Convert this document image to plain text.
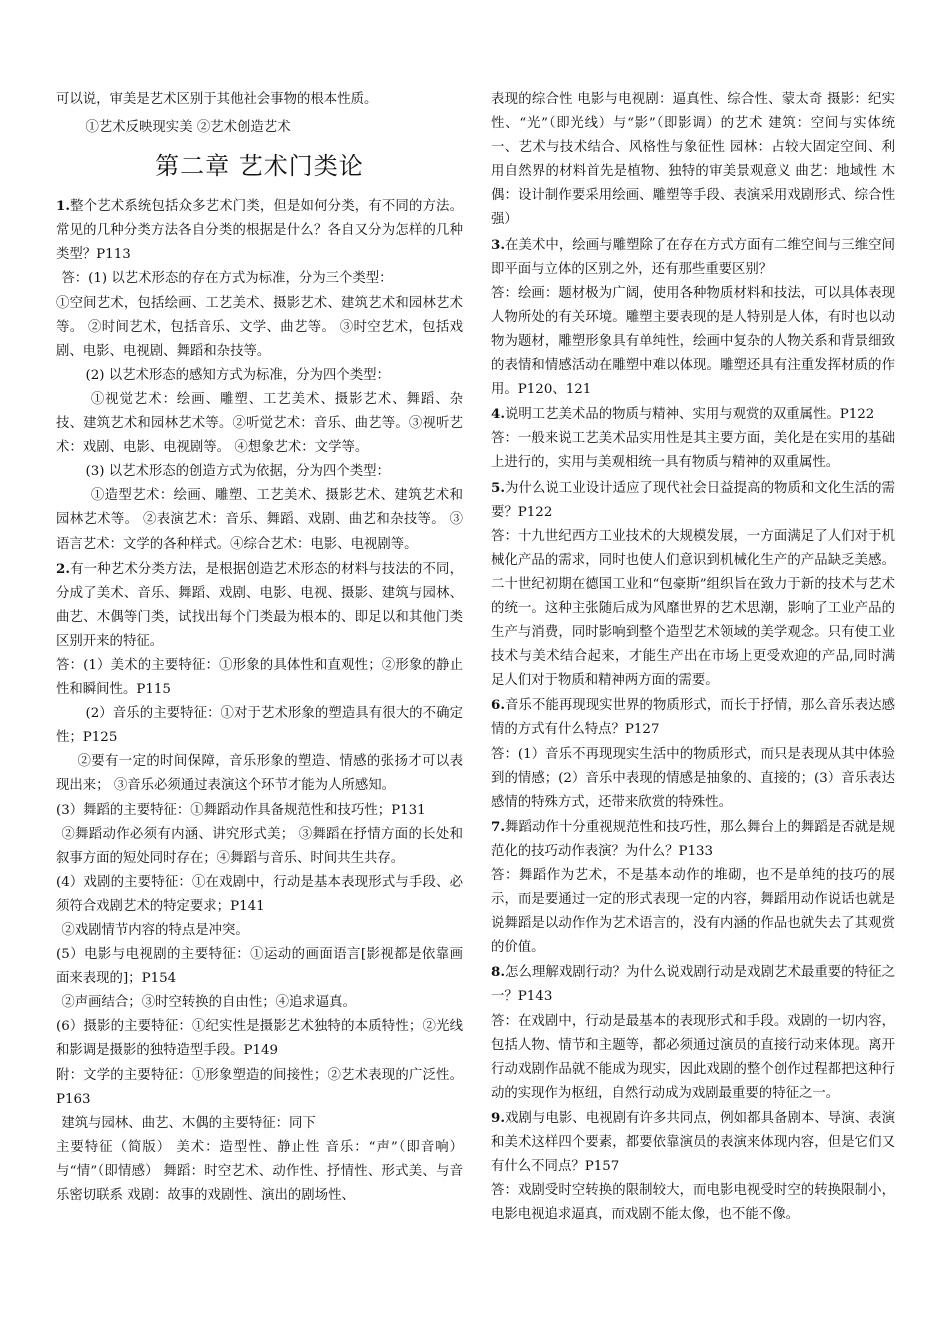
可以说，审美是艺术区别于其他社会事物的根本性质。

①艺术反映现实美 ②艺术创造艺术

第二章 艺术门类论

1.整个艺术系统包括众多艺术门类，但是如何分类，有不同的方法。常见的几种分类方法各自分类的根据是什么？各自又分为怎样的几种类型？P113

答：(1) 以艺术形态的存在方式为标准，分为三个类型：

①空间艺术，包括绘画、工艺美术、摄影艺术、建筑艺术和园林艺术等。 ②时间艺术，包括音乐、文学、曲艺等。 ③时空艺术，包括戏剧、电影、电视剧、舞蹈和杂技等。

(2) 以艺术形态的感知方式为标准，分为四个类型：

①视觉艺术：绘画、雕塑、工艺美术、摄影艺术、舞蹈、杂技、建筑艺术和园林艺术等。②听觉艺术：音乐、曲艺等。③视听艺术：戏剧、电影、电视剧等。 ④想象艺术：文学等。

(3) 以艺术形态的创造方式为依据，分为四个类型：

①造型艺术：绘画、雕塑、工艺美术、摄影艺术、建筑艺术和园林艺术等。 ②表演艺术：音乐、舞蹈、戏剧、曲艺和杂技等。 ③语言艺术：文学的各种样式。④综合艺术：电影、电视剧等。

2.有一种艺术分类方法，是根据创造艺术形态的材料与技法的不同，分成了美术、音乐、舞蹈、戏剧、电影、电视、摄影、建筑与园林、曲艺、木偶等门类，试找出每个门类最为根本的、即足以和其他门类区别开来的特征。

答：(1）美术的主要特征：①形象的具体性和直观性；②形象的静止性和瞬间性。P115

(2）音乐的主要特征：①对于艺术形象的塑造具有很大的不确定性；P125

②要有一定的时间保障，音乐形象的塑造、情感的张扬才可以表现出来； ③音乐必须通过表演这个环节才能为人所感知。

(3）舞蹈的主要特征：①舞蹈动作具备规范性和技巧性；P131

②舞蹈动作必须有内涵、讲究形式美； ③舞蹈在抒情方面的长处和叙事方面的短处同时存在；④舞蹈与音乐、时间共生共存。

(4）戏剧的主要特征：①在戏剧中，行动是基本表现形式与手段、必须符合戏剧艺术的特定要求；P141

②戏剧情节内容的特点是冲突。

(5）电影与电视剧的主要特征：①运动的画面语言[影视都是依靠画面来表现的]；P154

②声画结合；③时空转换的自由性；④追求逼真。

(6）摄影的主要特征：①纪实性是摄影艺术独特的本质特性；②光线和影调是摄影的独特造型手段。P149

附：文学的主要特征：①形象塑造的间接性；②艺术表现的广泛性。P163

建筑与园林、曲艺、木偶的主要特征：同下

主要特征（简版） 美术：造型性、静止性 音乐：“声”（即音响）与“情”（即情感） 舞蹈：时空艺术、动作性、抒情性、形式美、与音乐密切联系 戏剧：故事的戏剧性、演出的剧场性、

表现的综合性 电影与电视剧：逼真性、综合性、蒙太奇 摄影：纪实性、“光”（即光线）与“影”（即影调）的艺术 建筑：空间与实体统一、艺术与技术结合、风格性与象征性 园林：占较大固定空间、利用自然界的材料首先是植物、独特的审美景观意义 曲艺：地域性 木偶：设计制作要采用绘画、雕塑等手段、表演采用戏剧形式、综合性强）

3.在美术中，绘画与雕塑除了在存在方式方面有二维空间与三维空间即平面与立体的区别之外，还有那些重要区别？

答：绘画：题材极为广阔，使用各种物质材料和技法，可以具体表现人物所处的有关环境。雕塑主要表现的是人特别是人体，有时也以动物为题材，雕塑形象具有单纯性，绘画中复杂的人物关系和背景细致的表情和情感活动在雕塑中难以体现。雕塑还具有注重发挥材质的作用。P120、121

4.说明工艺美术品的物质与精神、实用与观赏的双重属性。P122

答：一般来说工艺美术品实用性是其主要方面，美化是在实用的基础上进行的，实用与美观相统一具有物质与精神的双重属性。

5.为什么说工业设计适应了现代社会日益提高的物质和文化生活的需要？P122

答：十九世纪西方工业技术的大规模发展，一方面满足了人们对于机械化产品的需求，同时也使人们意识到机械化生产的产品缺乏美感。二十世纪初期在德国工业和“包豪斯”组织旨在致力于新的技术与艺术的统一。这种主张随后成为风靡世界的艺术思潮，影响了工业产品的生产与消费，同时影响到整个造型艺术领域的美学观念。只有使工业技术与美术结合起来，才能生产出在市场上更受欢迎的产品,同时满足人们对于物质和精神两方面的需要。

6.音乐不能再现现实世界的物质形式，而长于抒情，那么音乐表达感情的方式有什么特点？P127

答：(1）音乐不再现现实生活中的物质形式，而只是表现从其中体验到的情感；(2）音乐中表现的情感是抽象的、直接的；(3）音乐表达感情的特殊方式，还带来欣赏的特殊性。

7.舞蹈动作十分重视规范性和技巧性，那么舞台上的舞蹈是否就是规范化的技巧动作表演？为什么？P133

答：舞蹈作为艺术，不是基本动作的堆砌，也不是单纯的技巧的展示，而是要通过一定的形式表现一定的内容，舞蹈用动作说话也就是说舞蹈是以动作作为艺术语言的，没有内涵的作品也就失去了其观赏的价值。

8.怎么理解戏剧行动？为什么说戏剧行动是戏剧艺术最重要的特征之一？P143

答：在戏剧中，行动是最基本的表现形式和手段。戏剧的一切内容，包括人物、情节和主题等，都必须通过演员的直接行动来体现。离开行动戏剧作品就不能成为现实，因此戏剧的整个创作过程都把这种行动的实现作为枢纽，自然行动成为戏剧最重要的特征之一。

9.戏剧与电影、电视剧有许多共同点，例如都具备剧本、导演、表演和美术这样四个要素，都要依靠演员的表演来体现内容，但是它们又有什么不同点？P157

答：戏剧受时空转换的限制较大，而电影电视受时空的转换限制小，电影电视追求逼真，而戏剧不能太像，也不能不像。
